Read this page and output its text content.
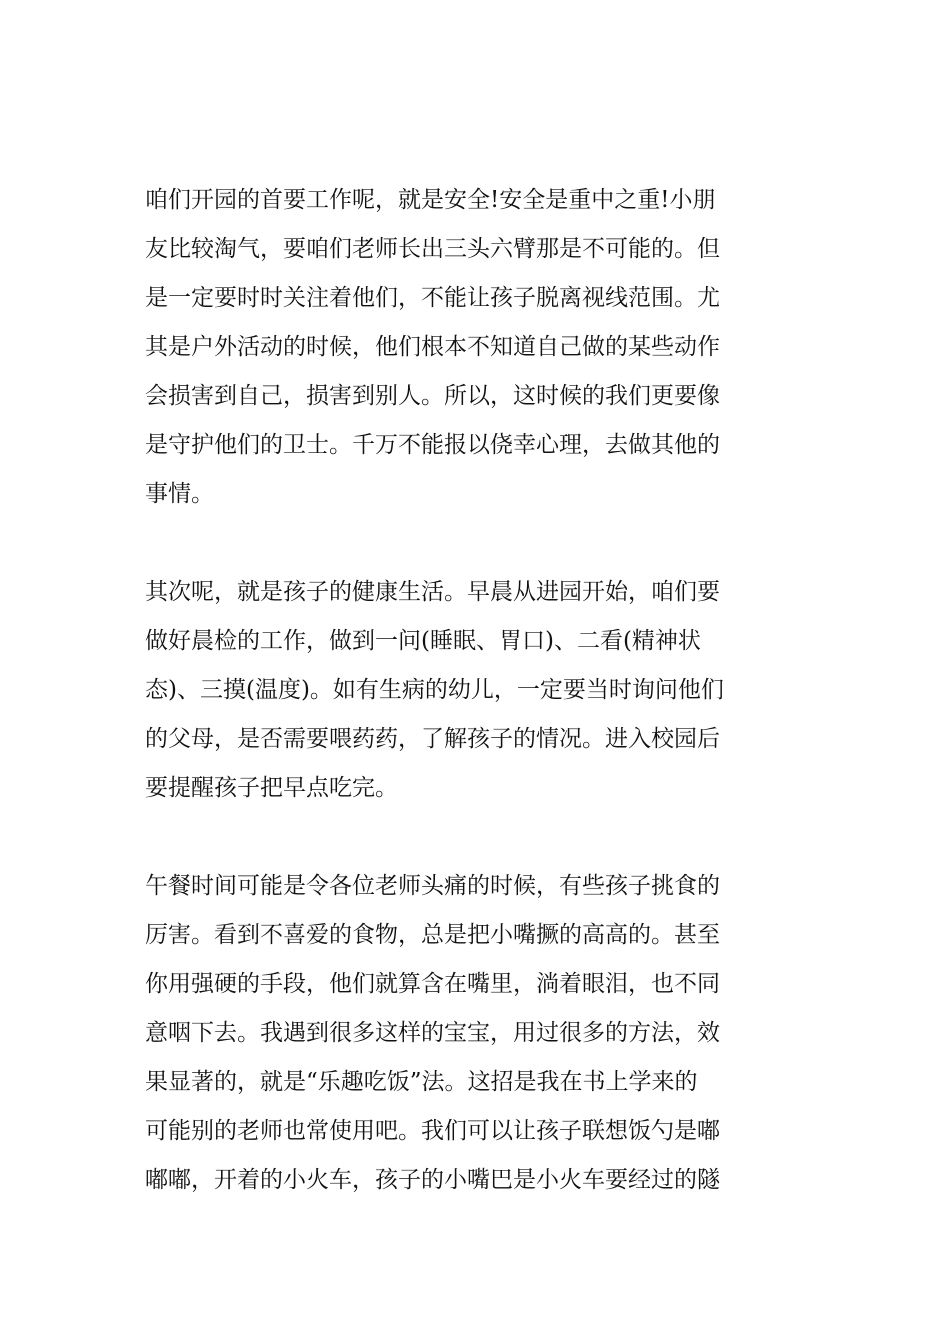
咱们开园的首要工作呢，就是安全!安全是重中之重!小朋
友比较淘气，要咱们老师长出三头六臂那是不可能的。但
是一定要时时关注着他们，不能让孩子脱离视线范围。尤
其是户外活动的时候，他们根本不知道自己做的某些动作
会损害到自己，损害到别人。所以，这时候的我们更要像
是守护他们的卫士。千万不能报以侥幸心理，去做其他的
事情。

其次呢，就是孩子的健康生活。早晨从进园开始，咱们要
做好晨检的工作，做到一问(睡眠、胃口)、二看(精神状
态)、三摸(温度)。如有生病的幼儿，一定要当时询问他们
的父母，是否需要喂药药，了解孩子的情况。进入校园后
要提醒孩子把早点吃完。

午餐时间可能是令各位老师头痛的时候，有些孩子挑食的
厉害。看到不喜爱的食物，总是把小嘴撅的高高的。甚至
你用强硬的手段，他们就算含在嘴里，淌着眼泪，也不同
意咽下去。我遇到很多这样的宝宝，用过很多的方法，效
果显著的，就是“乐趣吃饭”法。这招是我在书上学来的
可能别的老师也常使用吧。我们可以让孩子联想饭勺是嘟
嘟嘟，开着的小火车，孩子的小嘴巴是小火车要经过的隧
